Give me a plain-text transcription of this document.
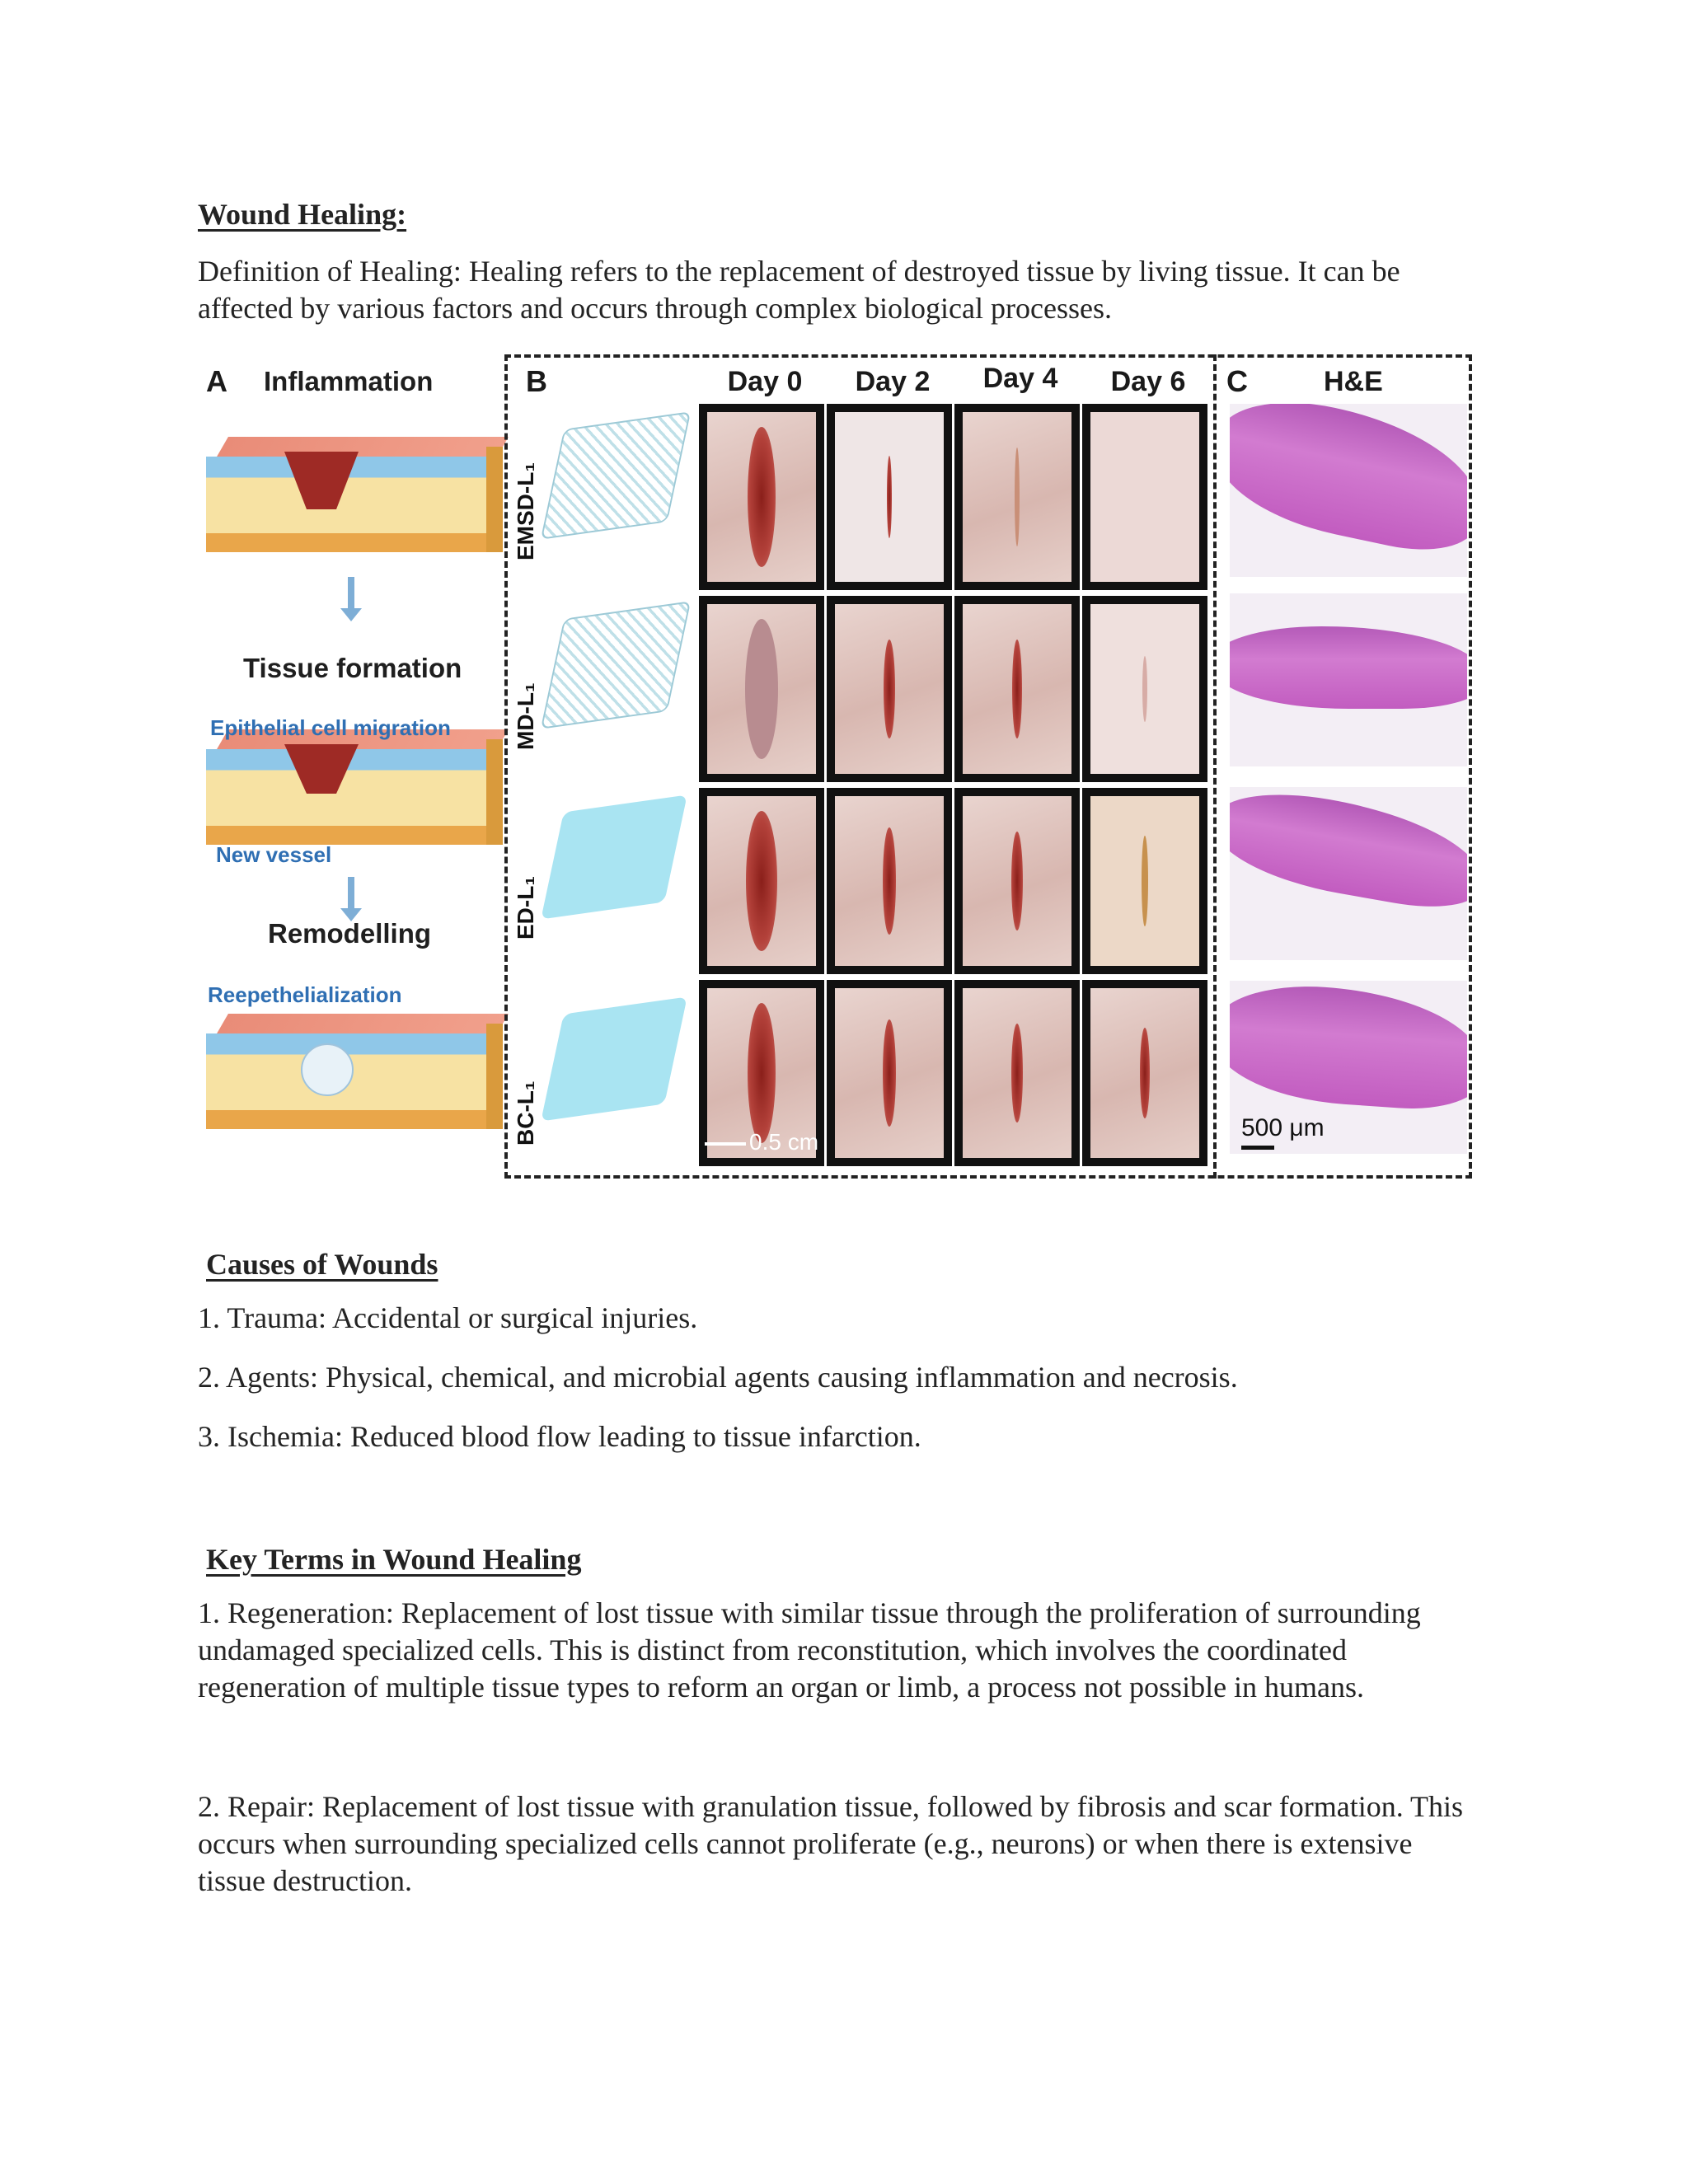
Wound Healing:

Definition of Healing: Healing refers to the replacement of destroyed tissue by living tissue. It can be affected by various factors and occurs through complex biological processes.

A Inflammation
Tissue formation
Epithelial cell migration
New vessel
Remodelling
Reepethelialization
B	Day 0	Day 2	Day 4	Day 6
EMSD-L₁
MD-L₁
ED-L₁
BC-L₁	0.5 cm
C	H&E
500 μm

Causes of Wounds

1. Trauma: Accidental or surgical injuries.

2. Agents: Physical, chemical, and microbial agents causing inflammation and necrosis.

3. Ischemia: Reduced blood flow leading to tissue infarction.

Key Terms in Wound Healing

1. Regeneration: Replacement of lost tissue with similar tissue through the proliferation of surrounding undamaged specialized cells. This is distinct from reconstitution, which involves the coordinated regeneration of multiple tissue types to reform an organ or limb, a process not possible in humans.

2. Repair: Replacement of lost tissue with granulation tissue, followed by fibrosis and scar formation. This occurs when surrounding specialized cells cannot proliferate (e.g., neurons) or when there is extensive tissue destruction.
